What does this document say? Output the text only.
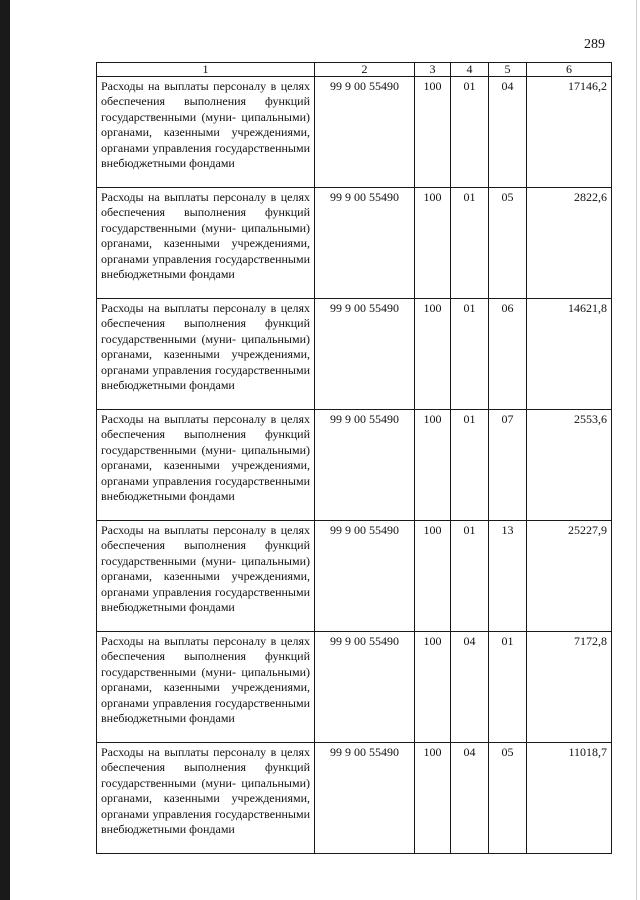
289
1	2	3	4	5	6
Расходы на выплаты персоналу в целях обеспечения выполнения функций государственными (муни- ципальными) органами, казенными учреждениями, органами управления государственными внебюджетными фондами	99 9 00 55490	100	01	04	17146,2
Расходы на выплаты персоналу в целях обеспечения выполнения функций государственными (муни- ципальными) органами, казенными учреждениями, органами управления государственными внебюджетными фондами	99 9 00 55490	100	01	05	2822,6
Расходы на выплаты персоналу в целях обеспечения выполнения функций государственными (муни- ципальными) органами, казенными учреждениями, органами управления государственными внебюджетными фондами	99 9 00 55490	100	01	06	14621,8
Расходы на выплаты персоналу в целях обеспечения выполнения функций государственными (муни- ципальными) органами, казенными учреждениями, органами управления государственными внебюджетными фондами	99 9 00 55490	100	01	07	2553,6
Расходы на выплаты персоналу в целях обеспечения выполнения функций государственными (муни- ципальными) органами, казенными учреждениями, органами управления государственными внебюджетными фондами	99 9 00 55490	100	01	13	25227,9
Расходы на выплаты персоналу в целях обеспечения выполнения функций государственными (муни- ципальными) органами, казенными учреждениями, органами управления государственными внебюджетными фондами	99 9 00 55490	100	04	01	7172,8
Расходы на выплаты персоналу в целях обеспечения выполнения функций государственными (муни- ципальными) органами, казенными учреждениями, органами управления государственными внебюджетными фондами	99 9 00 55490	100	04	05	11018,7
